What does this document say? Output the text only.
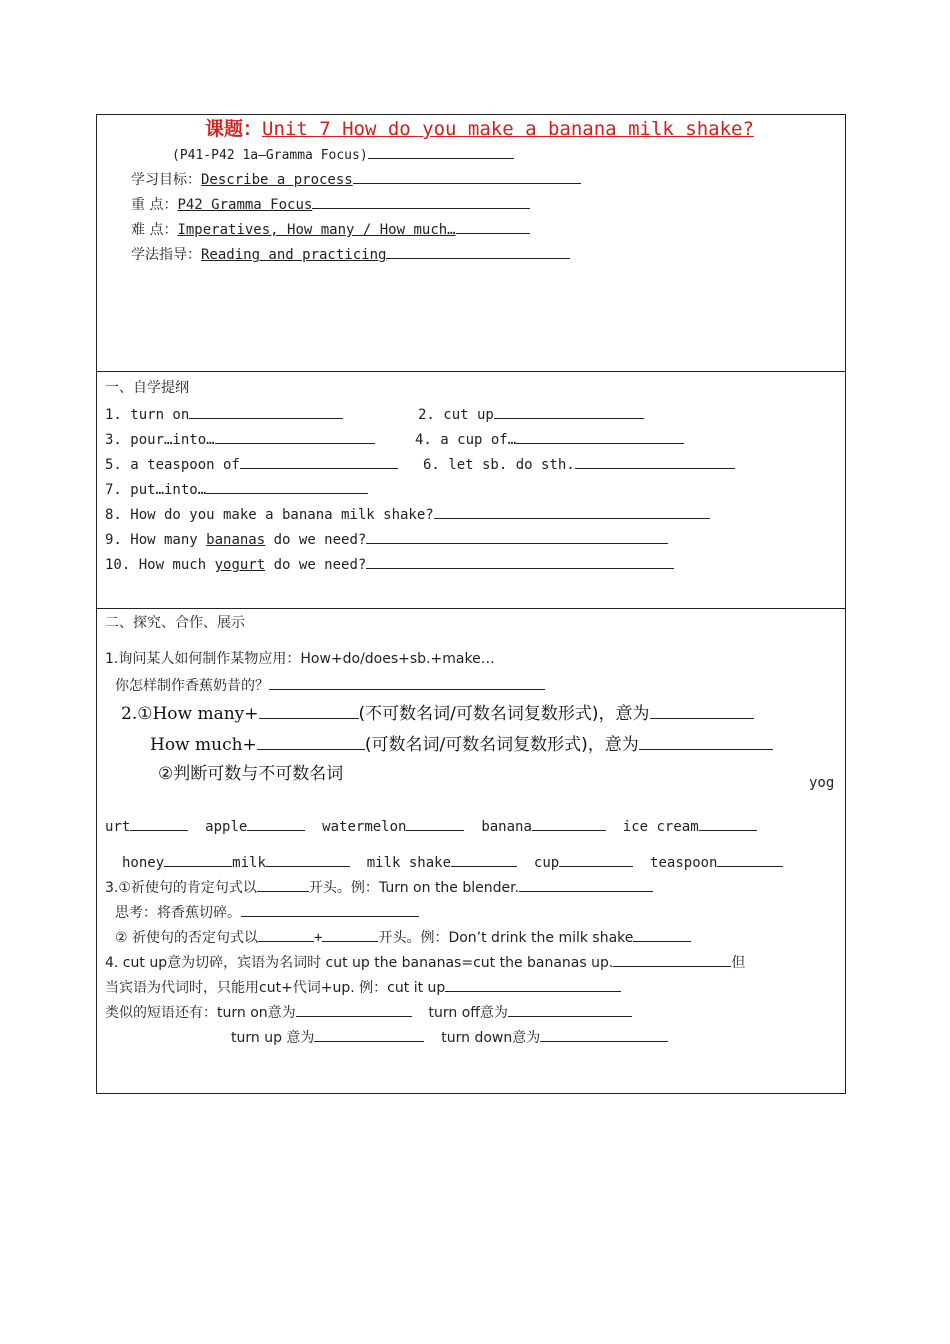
课题：Unit 7 How do you make a banana milk shake?
(P41-P42 1a—Gramma Focus)
学习目标：Describe a process
重 点：P42 Gramma Focus
难 点：Imperatives, How many / How much…
学法指导：Reading and practicing
一、自学提纲
1. turn on	2. cut up
3. pour…into…	4. a cup of…
5. a teaspoon of	6. let sb. do sth.
7. put…into…
8. How do you make a banana milk shake?
9. How many bananas do we need?
10. How much yogurt do we need?
二、探究、合作、展示
1.询问某人如何制作某物应用：How+do/does+sb.+make…
你怎样制作香蕉奶昔的？
2.①How many+	(不可数名词/可数名词复数形式)，意为
How much+	(可数名词/可数名词复数形式)，意为
②判断可数与不可数名词	yog
urt	apple	watermelon	banana	ice cream
honey	milk	milk shake	cup	teaspoon
3.①祈使句的肯定句式以	开头。例：Turn on the blender.
思考：将香蕉切碎。
② 祈使句的否定句式以	+	开头。例：Don’t drink the milk shake
4. cut up意为切碎，宾语为名词时 cut up the bananas=cut the bananas up.	但
当宾语为代词时，只能用cut+代词+up. 例：cut it up
类似的短语还有：turn on意为	turn off意为
turn up 意为	turn down意为
